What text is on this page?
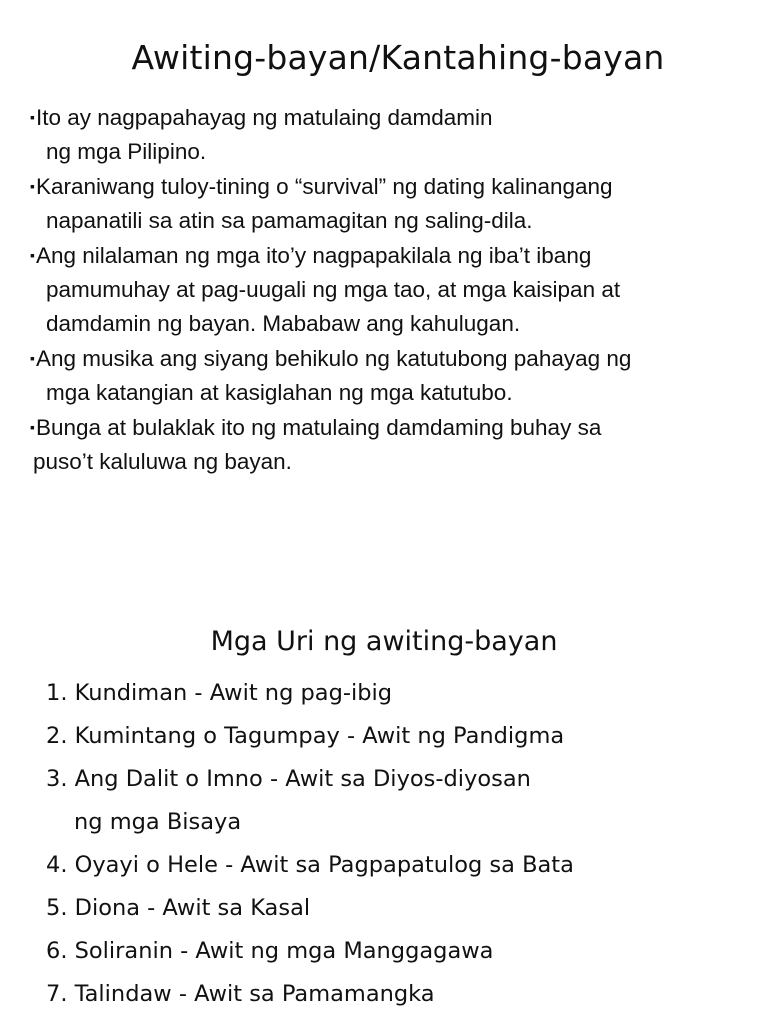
Awiting-bayan/Kantahing-bayan
▪Ito ay nagpapahayag ng matulaing damdamin
ng mga Pilipino.
▪Karaniwang tuloy-tining o “survival” ng dating kalinangang
napanatili sa atin sa pamamagitan ng saling-dila.
▪Ang nilalaman ng mga ito’y nagpapakilala ng iba’t ibang
pamumuhay at pag-uugali ng mga tao, at mga kaisipan at
damdamin ng bayan. Mababaw ang kahulugan.
▪Ang musika ang siyang behikulo ng katutubong pahayag ng
mga katangian at kasiglahan ng mga katutubo.
▪Bunga at bulaklak ito ng matulaing damdaming buhay sa
puso’t kaluluwa ng bayan.
Mga Uri ng awiting-bayan
1. Kundiman - Awit ng pag-ibig
2. Kumintang o Tagumpay - Awit ng Pandigma
3. Ang Dalit o Imno - Awit sa Diyos-diyosan
ng mga Bisaya
4. Oyayi o Hele - Awit sa Pagpapatulog sa Bata
5. Diona - Awit sa Kasal
6. Soliranin - Awit ng mga Manggagawa
7. Talindaw - Awit sa Pamamangka
